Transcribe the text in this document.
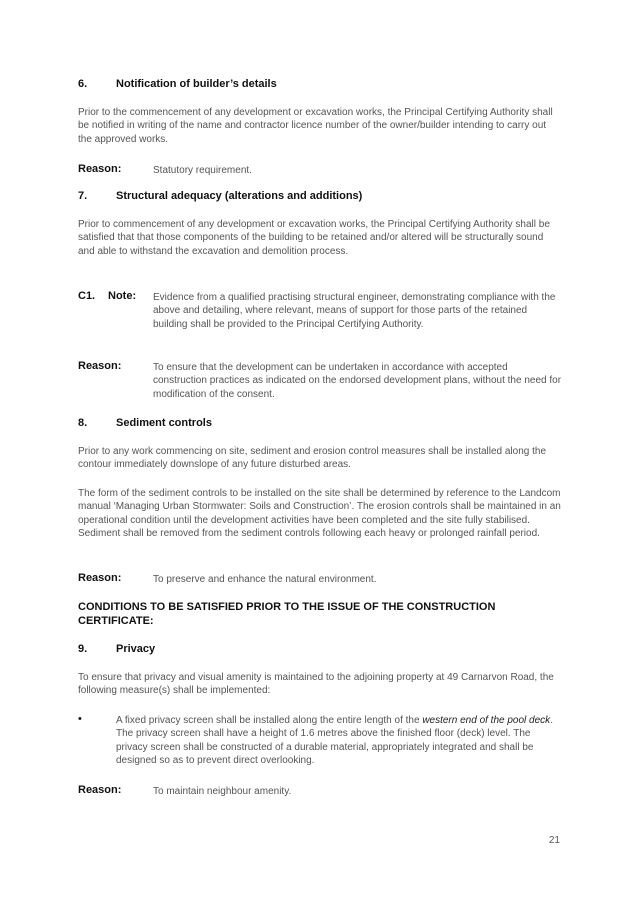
6.	Notification of builder’s details
Prior to the commencement of any development or excavation works, the Principal Certifying Authority shall be notified in writing of the name and contractor licence number of the owner/builder intending to carry out the approved works.
Reason:	Statutory requirement.
7.	Structural adequacy (alterations and additions)
Prior to commencement of any development or excavation works, the Principal Certifying Authority shall be satisfied that that those components of the building to be retained and/or altered will be structurally sound and able to withstand the excavation and demolition process.
C1. Note: Evidence from a qualified practising structural engineer, demonstrating compliance with the above and detailing, where relevant, means of support for those parts of the retained building shall be provided to the Principal Certifying Authority.
Reason:	To ensure that the development can be undertaken in accordance with accepted construction practices as indicated on the endorsed development plans, without the need for modification of the consent.
8.	Sediment controls
Prior to any work commencing on site, sediment and erosion control measures shall be installed along the contour immediately downslope of any future disturbed areas.
The form of the sediment controls to be installed on the site shall be determined by reference to the Landcom manual ‘Managing Urban Stormwater: Soils and Construction’. The erosion controls shall be maintained in an operational condition until the development activities have been completed and the site fully stabilised. Sediment shall be removed from the sediment controls following each heavy or prolonged rainfall period.
Reason:	To preserve and enhance the natural environment.
CONDITIONS TO BE SATISFIED PRIOR TO THE ISSUE OF THE CONSTRUCTION CERTIFICATE:
9.	Privacy
To ensure that privacy and visual amenity is maintained to the adjoining property at 49 Carnarvon Road, the following measure(s) shall be implemented:
•	A fixed privacy screen shall be installed along the entire length of the western end of the pool deck. The privacy screen shall have a height of 1.6 metres above the finished floor (deck) level. The privacy screen shall be constructed of a durable material, appropriately integrated and shall be designed so as to prevent direct overlooking.
Reason:	To maintain neighbour amenity.
21
